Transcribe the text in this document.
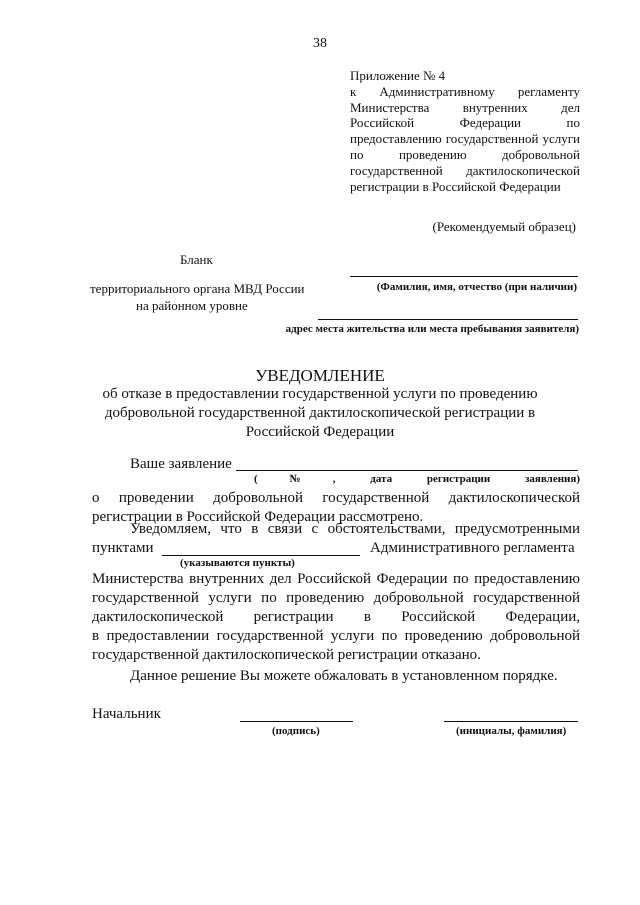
38
Приложение № 4
к Административному регламенту
Министерства внутренних дел
Российской Федерации по
предоставлению государственной услуги
по проведению добровольной
государственной дактилоскопической
регистрации в Российской Федерации
(Рекомендуемый образец)
Бланк
территориального органа МВД России
на районном уровне
(Фамилия, имя, отчество (при наличии)
адрес места жительства или места пребывания заявителя)
УВЕДОМЛЕНИЕ
об отказе в предоставлении государственной услуги по проведению
добровольной государственной дактилоскопической регистрации в
Российской Федерации
Ваше заявление
(№, дата регистрации заявления)
о проведении добровольной государственной дактилоскопической
регистрации в Российской Федерации рассмотрено.
Уведомляем, что в связи с обстоятельствами, предусмотренными
пунктами	Административного регламента
(указываются пункты)
Министерства внутренних дел Российской Федерации по предоставлению
государственной услуги по проведению добровольной государственной
дактилоскопической регистрации в Российской Федерации,
в предоставлении государственной услуги по проведению добровольной
государственной дактилоскопической регистрации отказано.
Данное решение Вы можете обжаловать в установленном порядке.
Начальник
(подпись)	(инициалы, фамилия)
